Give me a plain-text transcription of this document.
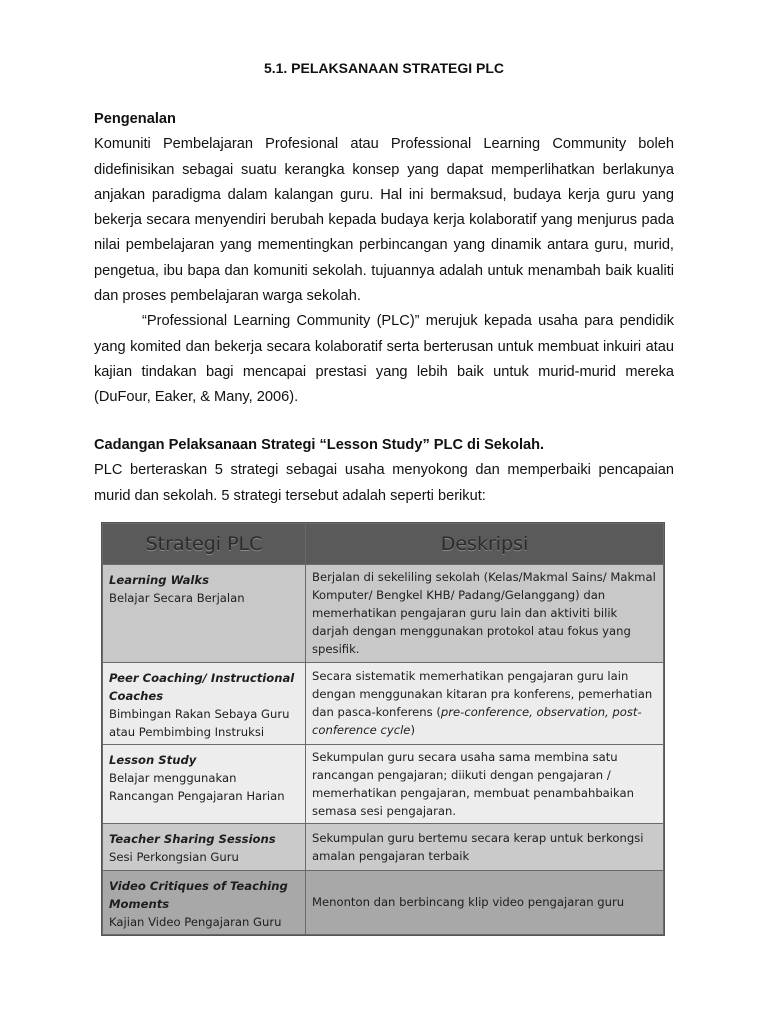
5.1. PELAKSANAAN STRATEGI PLC
Pengenalan
Komuniti Pembelajaran Profesional atau Professional Learning Community boleh didefinisikan sebagai suatu kerangka konsep yang dapat memperlihatkan berlakunya anjakan paradigma dalam kalangan guru. Hal ini bermaksud, budaya kerja guru yang bekerja secara menyendiri berubah kepada budaya kerja kolaboratif yang menjurus pada nilai pembelajaran yang mementingkan perbincangan yang dinamik antara guru, murid, pengetua, ibu bapa dan komuniti sekolah. tujuannya adalah untuk menambah baik kualiti dan proses pembelajaran warga sekolah.
“Professional Learning Community (PLC)” merujuk kepada usaha para pendidik yang komited dan bekerja secara kolaboratif serta berterusan untuk membuat inkuiri atau kajian tindakan bagi mencapai prestasi yang lebih baik untuk murid-murid mereka (DuFour, Eaker, & Many, 2006).
Cadangan Pelaksanaan Strategi “Lesson Study” PLC di Sekolah.
PLC berteraskan 5 strategi sebagai usaha menyokong dan memperbaiki pencapaian murid dan sekolah. 5 strategi tersebut adalah seperti berikut:
Strategi PLC	Deskripsi

Learning Walks
Belajar Secara Berjalan	Berjalan di sekeliling sekolah (Kelas/Makmal Sains/ Makmal Komputer/ Bengkel KHB/ Padang/Gelanggang) dan memerhatikan pengajaran guru lain dan aktiviti bilik darjah dengan menggunakan protokol atau fokus yang spesifik.

Peer Coaching/ Instructional Coaches
Bimbingan Rakan Sebaya Guru atau Pembimbing Instruksi	Secara sistematik memerhatikan pengajaran guru lain dengan menggunakan kitaran pra konferens, pemerhatian dan pasca-konferens (pre-conference, observation, post-conference cycle)

Lesson Study
Belajar menggunakan Rancangan Pengajaran Harian	Sekumpulan guru secara usaha sama membina satu rancangan pengajaran; diikuti dengan pengajaran / memerhatikan pengajaran, membuat penambahbaikan semasa sesi pengajaran.

Teacher Sharing Sessions
Sesi Perkongsian Guru	Sekumpulan guru bertemu secara kerap untuk berkongsi amalan pengajaran terbaik

Video Critiques of Teaching Moments
Kajian Video Pengajaran Guru	Menonton dan berbincang klip video pengajaran guru
